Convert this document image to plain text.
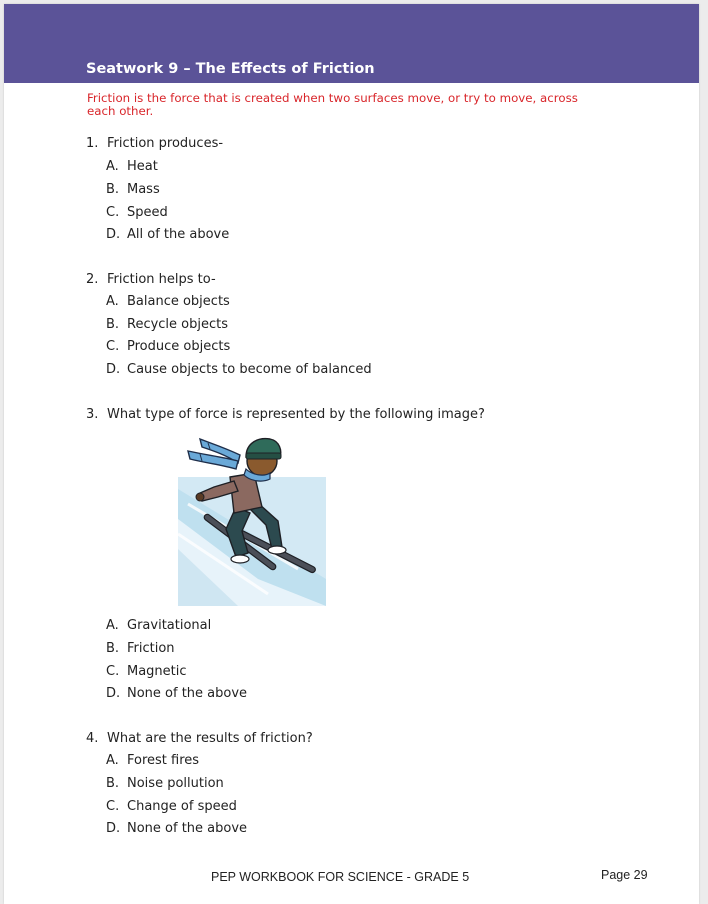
Seatwork 9 – The Effects of Friction

Friction is the force that is created when two surfaces move, or try to move, across each other.

1. Friction produces-
A. Heat
B. Mass
C. Speed
D. All of the above
2. Friction helps to-
A. Balance objects
B. Recycle objects
C. Produce objects
D. Cause objects to become of balanced
3. What type of force is represented by the following image?
A. Gravitational
B. Friction
C. Magnetic
D. None of the above
4. What are the results of friction?
A. Forest fires
B. Noise pollution
C. Change of speed
D. None of the above
PEP WORKBOOK FOR SCIENCE - GRADE 5	Page 29
